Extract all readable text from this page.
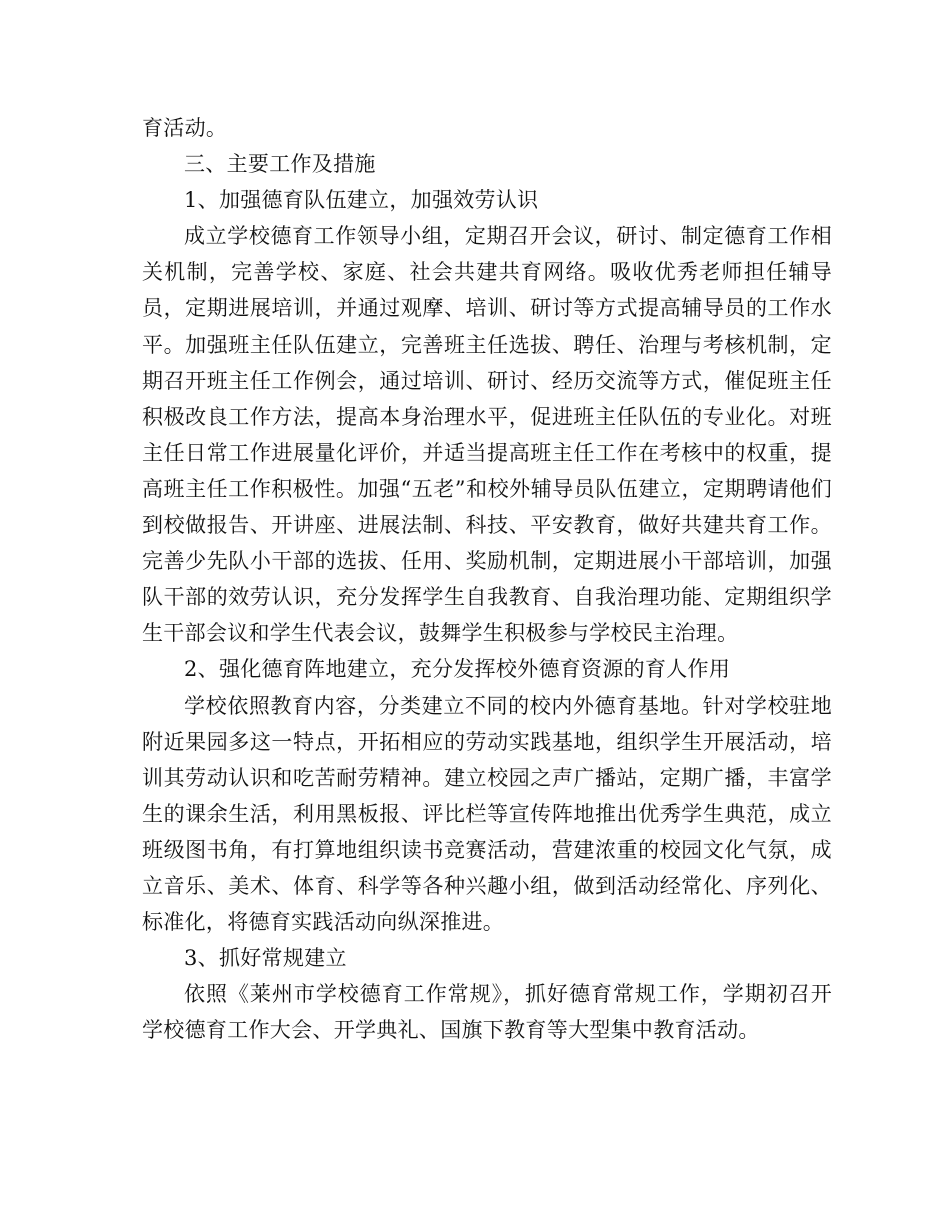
育活动。

三、主要工作及措施

1、加强德育队伍建立，加强效劳认识

成立学校德育工作领导小组，定期召开会议，研讨、制定德育工作相关机制，完善学校、家庭、社会共建共育网络。吸收优秀老师担任辅导员，定期进展培训，并通过观摩、培训、研讨等方式提高辅导员的工作水平。加强班主任队伍建立，完善班主任选拔、聘任、治理与考核机制，定期召开班主任工作例会，通过培训、研讨、经历交流等方式，催促班主任积极改良工作方法，提高本身治理水平，促进班主任队伍的专业化。对班主任日常工作进展量化评价，并适当提高班主任工作在考核中的权重，提高班主任工作积极性。加强“五老”和校外辅导员队伍建立，定期聘请他们到校做报告、开讲座、进展法制、科技、平安教育，做好共建共育工作。完善少先队小干部的选拔、任用、奖励机制，定期进展小干部培训，加强队干部的效劳认识，充分发挥学生自我教育、自我治理功能、定期组织学生干部会议和学生代表会议，鼓舞学生积极参与学校民主治理。

2、强化德育阵地建立，充分发挥校外德育资源的育人作用

学校依照教育内容，分类建立不同的校内外德育基地。针对学校驻地附近果园多这一特点，开拓相应的劳动实践基地，组织学生开展活动，培训其劳动认识和吃苦耐劳精神。建立校园之声广播站，定期广播，丰富学生的课余生活，利用黑板报、评比栏等宣传阵地推出优秀学生典范，成立班级图书角，有打算地组织读书竞赛活动，营建浓重的校园文化气氛，成立音乐、美术、体育、科学等各种兴趣小组，做到活动经常化、序列化、标准化，将德育实践活动向纵深推进。

3、抓好常规建立

依照《莱州市学校德育工作常规》，抓好德育常规工作，学期初召开学校德育工作大会、开学典礼、国旗下教育等大型集中教育活动。
